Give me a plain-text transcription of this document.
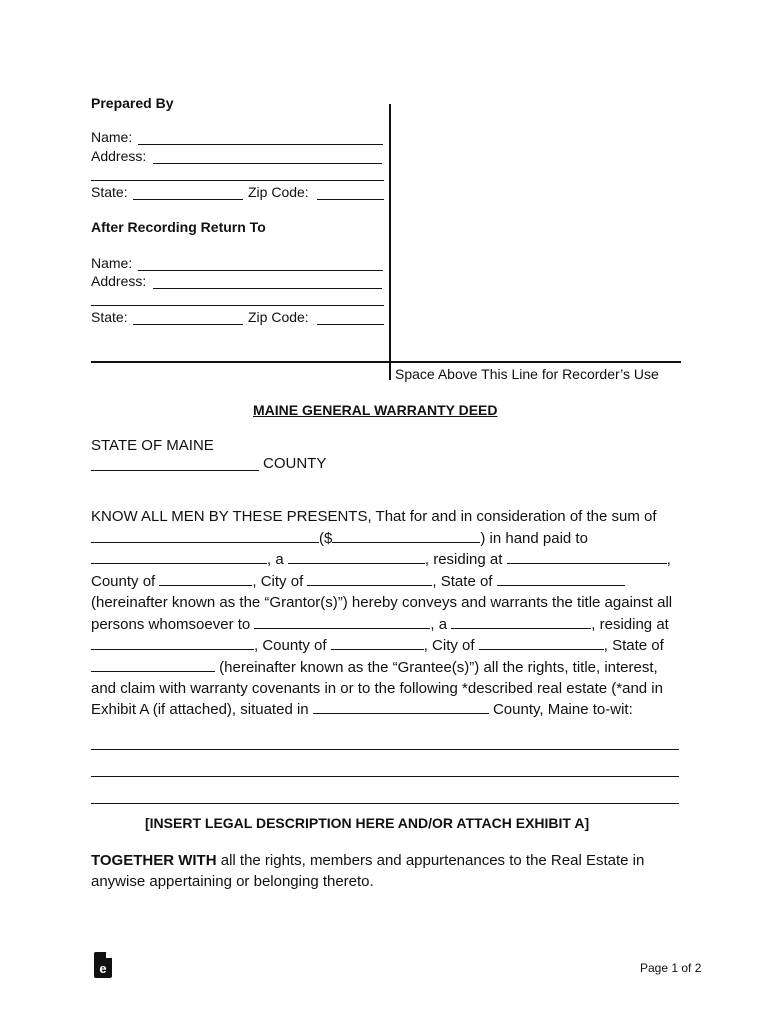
Prepared By
Name:
Address:
State:	Zip Code:
After Recording Return To
Name:
Address:
State:	Zip Code:
Space Above This Line for Recorder’s Use
MAINE GENERAL WARRANTY DEED
STATE OF MAINE
COUNTY
KNOW ALL MEN BY THESE PRESENTS, That for and in consideration of the sum of
($	) in hand paid to
, a	, residing at	,
County of	, City of	, State of
(hereinafter known as the “Grantor(s)”) hereby conveys and warrants the title against all
persons whomsoever to	, a	, residing at
, County of	, City of	, State of
(hereinafter known as the “Grantee(s)”) all the rights, title, interest,
and claim with warranty covenants in or to the following *described real estate (*and in
Exhibit A (if attached), situated in	County, Maine to-wit:
[INSERT LEGAL DESCRIPTION HERE AND/OR ATTACH EXHIBIT A]
TOGETHER WITH all the rights, members and appurtenances to the Real Estate in
anywise appertaining or belonging thereto.
e	Page 1 of 2
